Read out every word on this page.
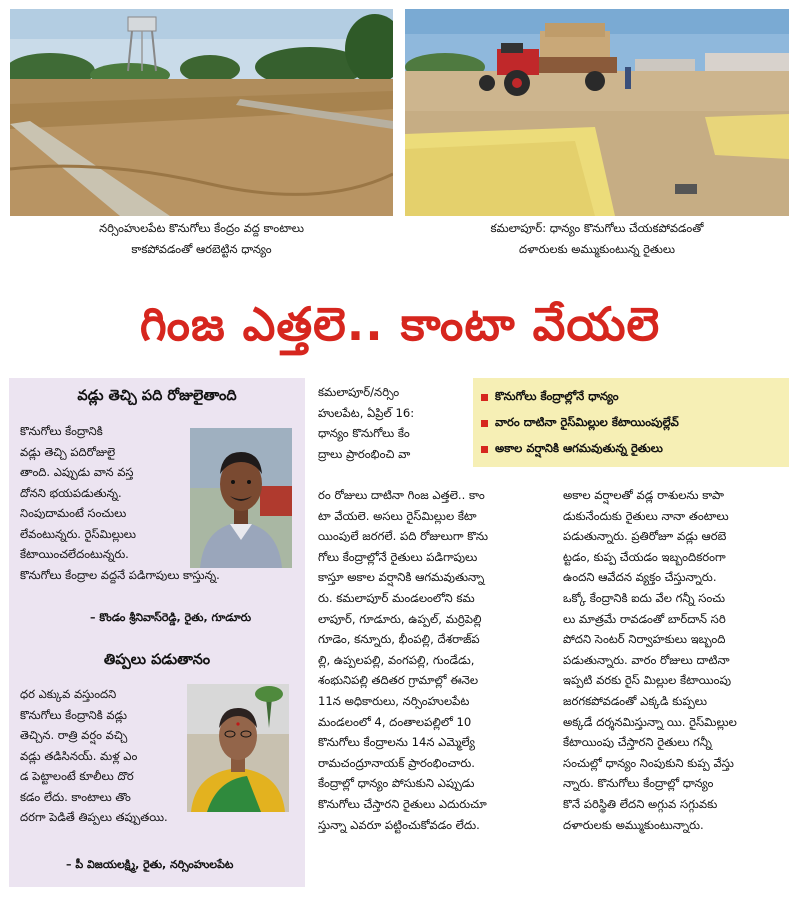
నర్సింహులపేట కొనుగోలు కేంద్రం వద్ద కాంటాలు
కాకపోవడంతో ఆరబెట్టిన ధాన్యం
కమలాపూర్‌: ధాన్యం కొనుగోలు చేయకపోవడంతో
దళారులకు అమ్ముకుంటున్న రైతులు
గింజ ఎత్తలె.. కాంటా వేయలె
వడ్లు తెచ్చి పది రోజులైతాంది
కొనుగోలు కేంద్రానికి
వడ్లు తెచ్చి పదిరోజులై
తాంది. ఎప్పుడు వాన వస్త
దోనని భయపడుతున్న.
నింపుదామంటే సంచులు
లేవంటున్నరు. రైస్‌మిల్లులు
కేటాయించలేదంటున్నరు.
కొనుగోలు కేంద్రాల వద్దనే పడిగాపులు కాస్తున్న.
– కొండం శ్రీనివాస్‌రెడ్డి, రైతు, గూడూరు
తిప్పలు పడుతానం
ధర ఎక్కువ వస్తుందని
కొనుగోలు కేంద్రానికి వడ్లు
తెచ్చిన. రాత్రి వర్షం వచ్చి
వడ్లు తడిసినయ్‌. మళ్ల ఎం
డ పెట్టాలంటే కూలీలు దొర
కడం లేదు. కాంటాలు తొం
దరగా పెడితే తిప్పలు తప్పుతయి.
– పీ విజయలక్ష్మి, రైతు, నర్సింహులపేట
కొనుగోలు కేంద్రాల్లోనే ధాన్యం
వారం దాటినా రైస్‌మిల్లుల కేటాయింపుల్లేవ్‌
అకాల వర్షానికి ఆగమవుతున్న రైతులు
కమలాపూర్‌/నర్సిం
హులపేట, ఏప్రిల్‌ 16:
ధాన్యం కొనుగోలు కేం
ద్రాలు ప్రారంభించి వా
రం రోజులు దాటినా గింజ ఎత్తలె.. కాం
టా వేయలె. అసలు రైస్‌మిల్లుల కేటా
యింపులే జరగలే. పది రోజులుగా కొను
గోలు కేంద్రాల్లోనే రైతులు పడిగాపులు
కాస్తూ అకాల వర్షానికి ఆగమవుతున్నా
రు. కమలాపూర్‌ మండలంలోని కమ
లాపూర్‌, గూడూరు, ఉప్పల్‌, మర్రిపెల్లి
గూడెం, కన్నూరు, భీంపల్లి, దేశరాజ్‌ప
ల్లి, ఉప్పలపల్లి, వంగపల్లి, గుండేడు,
శంభునిపల్లి తదితర గ్రామాల్లో ఈనెల
11న అధికారులు, నర్సింహులపేట
మండలంలో 4, దంతాలపల్లిలో 10
కొనుగోలు కేంద్రాలను 14న ఎమ్మెల్యే
రామచంద్రూనాయక్‌ ప్రారంభించారు.
కేంద్రాల్లో ధాన్యం పోసుకుని ఎప్పుడు
కొనుగోలు చేస్తారని రైతులు ఎదురుచూ
స్తున్నా ఎవరూ పట్టించుకోవడం లేదు.
అకాల వర్షాలతో వడ్ల రాశులను కాపా
డుకునేందుకు రైతులు నానా తంటాలు
పడుతున్నారు. ప్రతిరోజూ వడ్లు ఆరబె
ట్టడం, కుప్ప చేయడం ఇబ్బందికరంగా
ఉందని ఆవేదన వ్యక్తం చేస్తున్నారు.
ఒక్కో కేంద్రానికి ఐదు వేల గన్నీ సంచు
లు మాత్రమే రావడంతో బార్‌దాన్‌ సరి
పోదని సెంటర్‌ నిర్వాహకులు ఇబ్బంది
పడుతున్నారు. వారం రోజులు దాటినా
ఇప్పటి వరకు రైస్‌ మిల్లుల కేటాయింపు
జరగకపోవడంతో ఎక్కడి కుప్పలు
అక్కడే దర్శనమిస్తున్నా యి. రైస్‌మిల్లుల
కేటాయింపు చేస్తారని రైతులు గన్నీ
సంచుల్లో ధాన్యం నింపుకుని కుప్ప వేస్తు
న్నారు. కొనుగోలు కేంద్రాల్లో ధాన్యం
కొనే పరిస్థితి లేదని అగ్గువ సగ్గువకు
దళారులకు అమ్ముకుంటున్నారు.
